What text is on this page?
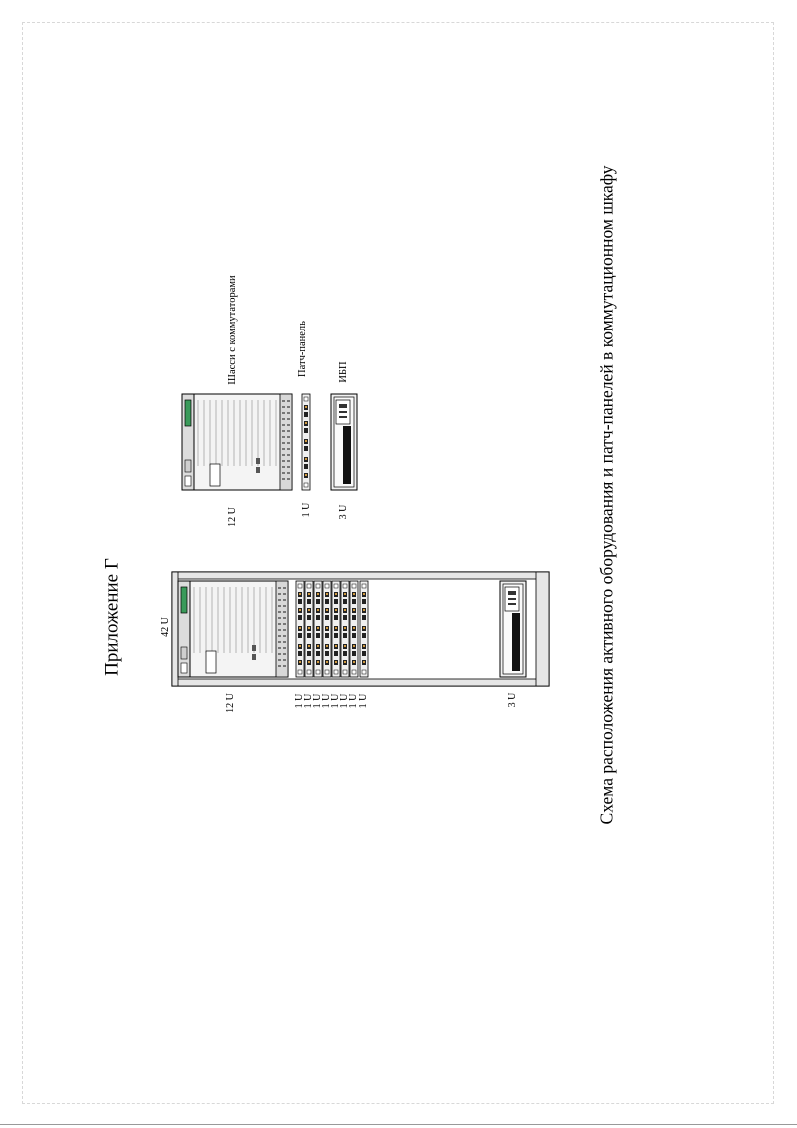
Приложение Г	Схема расположения активного оборудования и патч-панелей в коммутационном шкафу
42 U
12 U	1 U
1 U
1 U
1 U
1 U
1 U
1 U 1 U	3 U
Шасси с коммутаторами
12 U
Патч-панель
1 U
ИБП
3 U
